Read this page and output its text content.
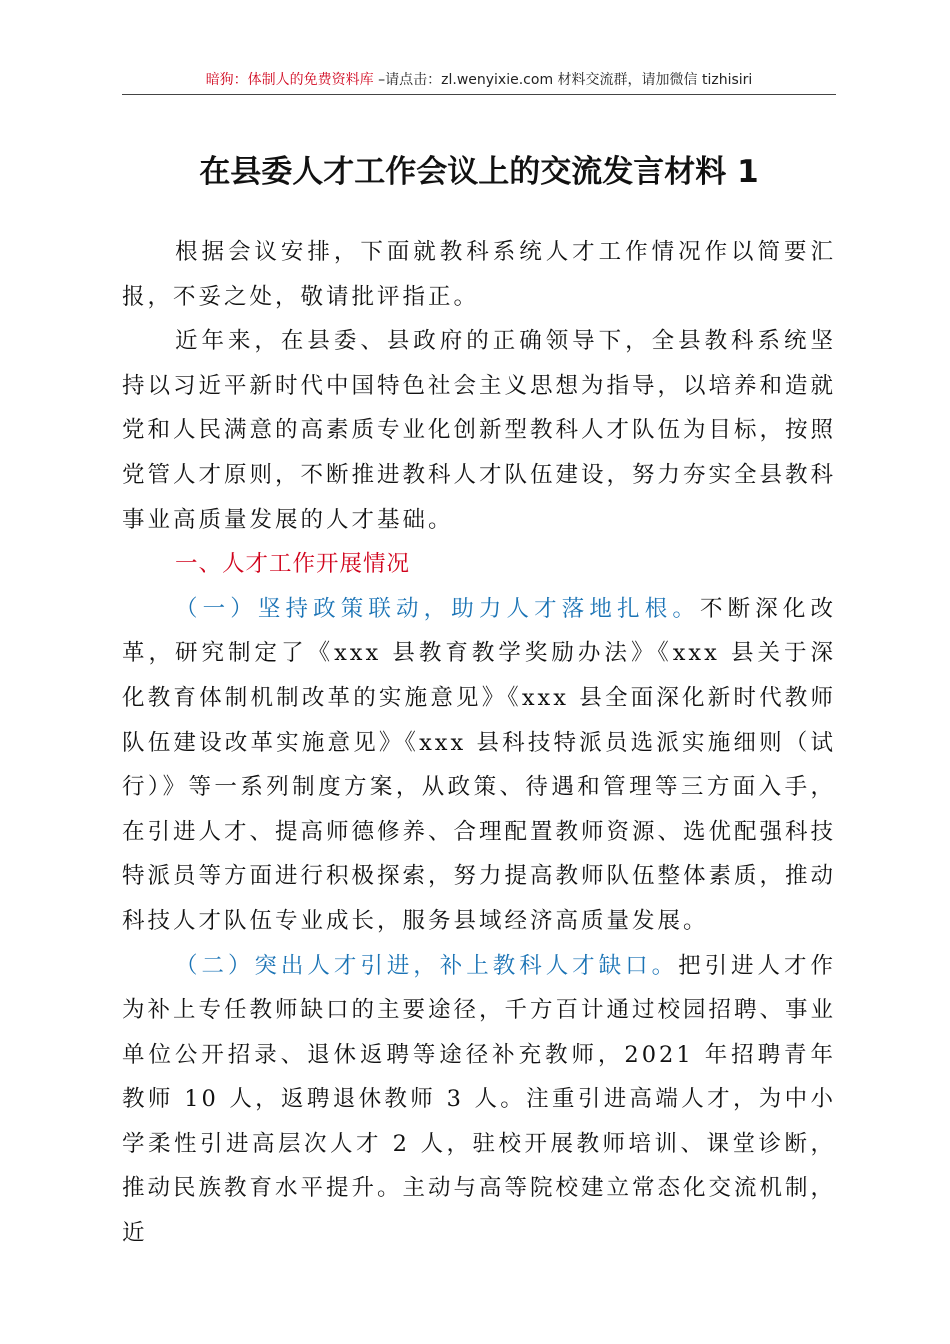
暗狗：体制人的免费资料库 –请点击：zl.wenyixie.com 材料交流群，请加微信 tizhisiri
在县委人才工作会议上的交流发言材料 1

根据会议安排，下面就教科系统人才工作情况作以简要汇报，不妥之处，敬请批评指正。

近年来，在县委、县政府的正确领导下，全县教科系统坚持以习近平新时代中国特色社会主义思想为指导，以培养和造就党和人民满意的高素质专业化创新型教科人才队伍为目标，按照党管人才原则，不断推进教科人才队伍建设，努力夯实全县教科事业高质量发展的人才基础。

一、人才工作开展情况

（一）坚持政策联动，助力人才落地扎根。不断深化改革，研究制定了《xxx 县教育教学奖励办法》《xxx 县关于深化教育体制机制改革的实施意见》《xxx 县全面深化新时代教师队伍建设改革实施意见》《xxx 县科技特派员选派实施细则（试行）》等一系列制度方案，从政策、待遇和管理等三方面入手，在引进人才、提高师德修养、合理配置教师资源、选优配强科技特派员等方面进行积极探索，努力提高教师队伍整体素质，推动科技人才队伍专业成长，服务县域经济高质量发展。

（二）突出人才引进，补上教科人才缺口。把引进人才作为补上专任教师缺口的主要途径，千方百计通过校园招聘、事业单位公开招录、退休返聘等途径补充教师，2021 年招聘青年教师 10 人，返聘退休教师 3 人。注重引进高端人才，为中小学柔性引进高层次人才 2 人，驻校开展教师培训、课堂诊断，推动民族教育水平提升。主动与高等院校建立常态化交流机制，近
